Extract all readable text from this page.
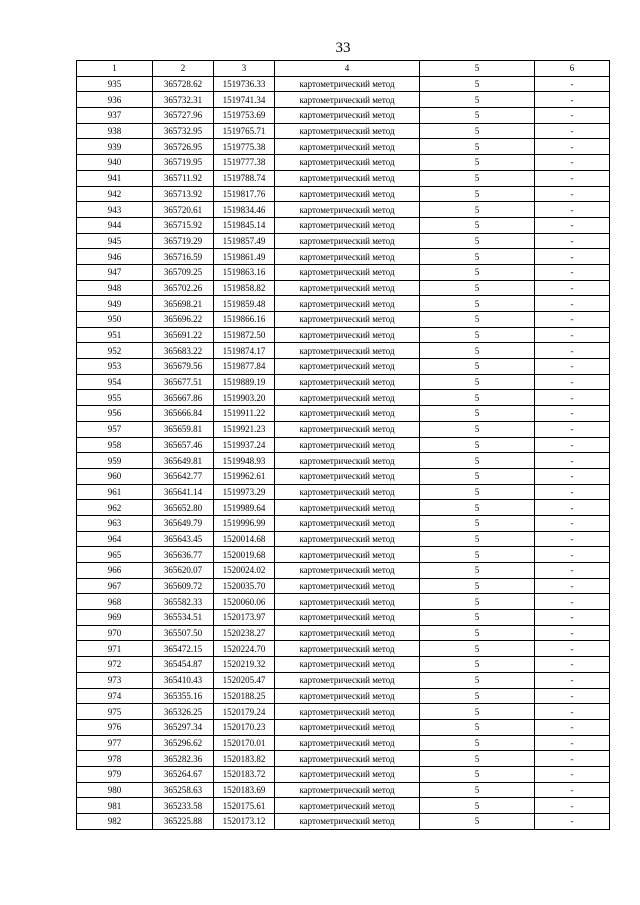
33
1	2	3	4	5	6
935	365728.62	1519736.33	картометрический метод	5	-
936	365732.31	1519741.34	картометрический метод	5	-
937	365727.96	1519753.69	картометрический метод	5	-
938	365732.95	1519765.71	картометрический метод	5	-
939	365726.95	1519775.38	картометрический метод	5	-
940	365719.95	1519777.38	картометрический метод	5	-
941	365711.92	1519788.74	картометрический метод	5	-
942	365713.92	1519817.76	картометрический метод	5	-
943	365720.61	1519834.46	картометрический метод	5	-
944	365715.92	1519845.14	картометрический метод	5	-
945	365719.29	1519857.49	картометрический метод	5	-
946	365716.59	1519861.49	картометрический метод	5	-
947	365709.25	1519863.16	картометрический метод	5	-
948	365702.26	1519858.82	картометрический метод	5	-
949	365698.21	1519859.48	картометрический метод	5	-
950	365696.22	1519866.16	картометрический метод	5	-
951	365691.22	1519872.50	картометрический метод	5	-
952	365683.22	1519874.17	картометрический метод	5	-
953	365679.56	1519877.84	картометрический метод	5	-
954	365677.51	1519889.19	картометрический метод	5	-
955	365667.86	1519903.20	картометрический метод	5	-
956	365666.84	1519911.22	картометрический метод	5	-
957	365659.81	1519921.23	картометрический метод	5	-
958	365657.46	1519937.24	картометрический метод	5	-
959	365649.81	1519948.93	картометрический метод	5	-
960	365642.77	1519962.61	картометрический метод	5	-
961	365641.14	1519973.29	картометрический метод	5	-
962	365652.80	1519989.64	картометрический метод	5	-
963	365649.79	1519996.99	картометрический метод	5	-
964	365643.45	1520014.68	картометрический метод	5	-
965	365636.77	1520019.68	картометрический метод	5	-
966	365620.07	1520024.02	картометрический метод	5	-
967	365609.72	1520035.70	картометрический метод	5	-
968	365582.33	1520060.06	картометрический метод	5	-
969	365534.51	1520173.97	картометрический метод	5	-
970	365507.50	1520238.27	картометрический метод	5	-
971	365472.15	1520224.70	картометрический метод	5	-
972	365454.87	1520219.32	картометрический метод	5	-
973	365410.43	1520205.47	картометрический метод	5	-
974	365355.16	1520188.25	картометрический метод	5	-
975	365326.25	1520179.24	картометрический метод	5	-
976	365297.34	1520170.23	картометрический метод	5	-
977	365296.62	1520170.01	картометрический метод	5	-
978	365282.36	1520183.82	картометрический метод	5	-
979	365264.67	1520183.72	картометрический метод	5	-
980	365258.63	1520183.69	картометрический метод	5	-
981	365233.58	1520175.61	картометрический метод	5	-
982	365225.88	1520173.12	картометрический метод	5	-
